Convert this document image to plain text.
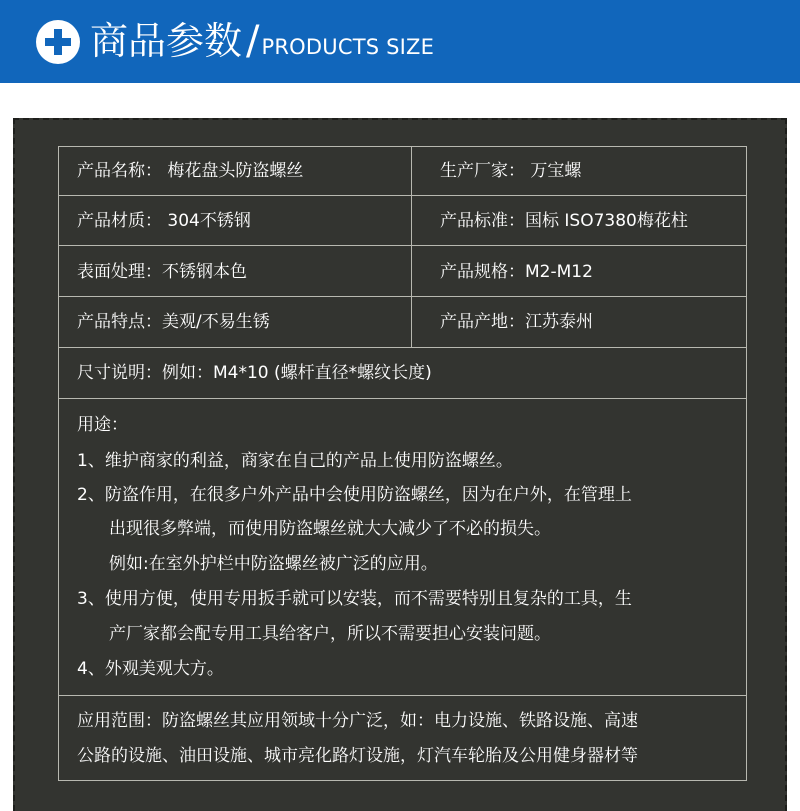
商品参数 /PRODUCTS SIZE
产品名称： 梅花盘头防盗螺丝	生产厂家： 万宝螺
产品材质： 304不锈钢	产品标准：国标 ISO7380梅花柱
表面处理：不锈钢本色	产品规格：M2-M12
产品特点：美观/不易生锈	产品产地：江苏泰州
尺寸说明：例如：M4*10 (螺杆直径*螺纹长度)
用途：
1、维护商家的利益，商家在自己的产品上使用防盗螺丝。
2、防盗作用，在很多户外产品中会使用防盗螺丝，因为在户外，在管理上
出现很多弊端，而使用防盗螺丝就大大减少了不必的损失。
例如:在室外护栏中防盗螺丝被广泛的应用。
3、使用方便，使用专用扳手就可以安装，而不需要特别且复杂的工具，生
产厂家都会配专用工具给客户，所以不需要担心安装问题。
4、外观美观大方。
应用范围：防盗螺丝其应用领域十分广泛，如：电力设施、铁路设施、高速
公路的设施、油田设施、城市亮化路灯设施，灯汽车轮胎及公用健身器材等
